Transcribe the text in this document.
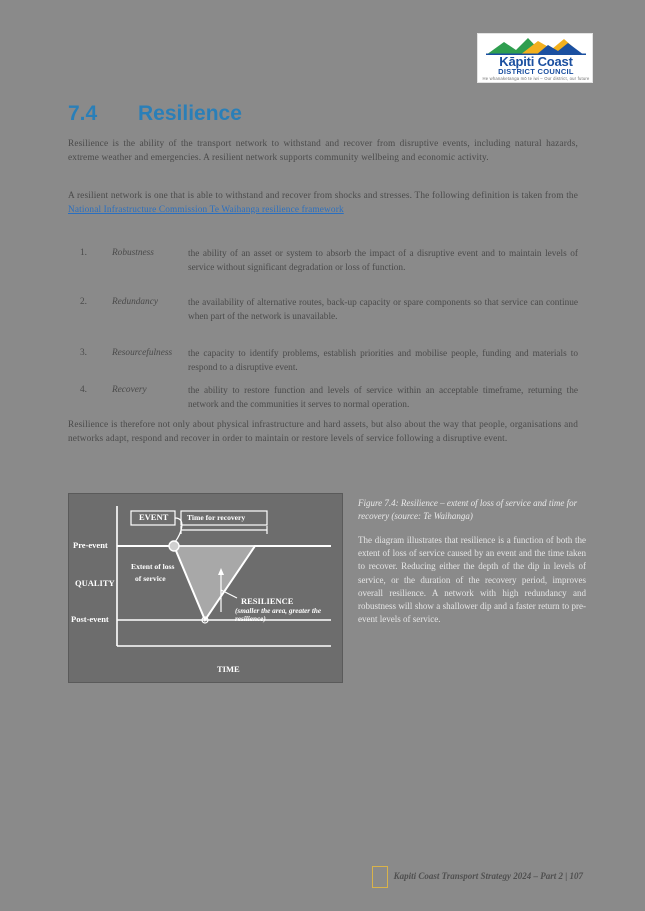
Kāpiti Coast
DISTRICT COUNCIL
He whanaketanga mō te iwi – Our district, our future
7.4 Resilience
Resilience is the ability of the transport network to withstand and recover from disruptive events, including natural hazards, extreme weather and emergencies. A resilient network supports community wellbeing and economic activity.
A resilient network is one that is able to withstand and recover from shocks and stresses. The following definition is taken from the National Infrastructure Commission Te Waihanga resilience framework
1.	Robustness	the ability of an asset or system to absorb the impact of a disruptive event and to maintain levels of service without significant degradation or loss of function.
2.	Redundancy	the availability of alternative routes, back-up capacity or spare components so that service can continue when part of the network is unavailable.
3.	Resourcefulness the capacity to identify problems, establish priorities and mobilise people, funding and materials to respond to a disruptive event.
4.	Recovery	the ability to restore function and levels of service within an acceptable timeframe, returning the network and the communities it serves to normal operation.
Resilience is therefore not only about physical infrastructure and hard assets, but also about the way that people, organisations and networks adapt, respond and recover in order to maintain or restore levels of service following a disruptive event.
EVENT Time for recovery
Pre-event
Post-event
QUALITY
TIME
Extent of loss
of service
RESILIENCE
(smaller the area, greater the resilience)
Figure 7.4: Resilience – extent of loss of service and time for recovery (source: Te Waihanga)
The diagram illustrates that resilience is a function of both the extent of loss of service caused by an event and the time taken to recover. Reducing either the depth of the dip in levels of service, or the duration of the recovery period, improves overall resilience. A network with high redundancy and robustness will show a shallower dip and a faster return to pre-event levels of service.
Kapiti Coast Transport Strategy 2024 – Part 2 | 107
